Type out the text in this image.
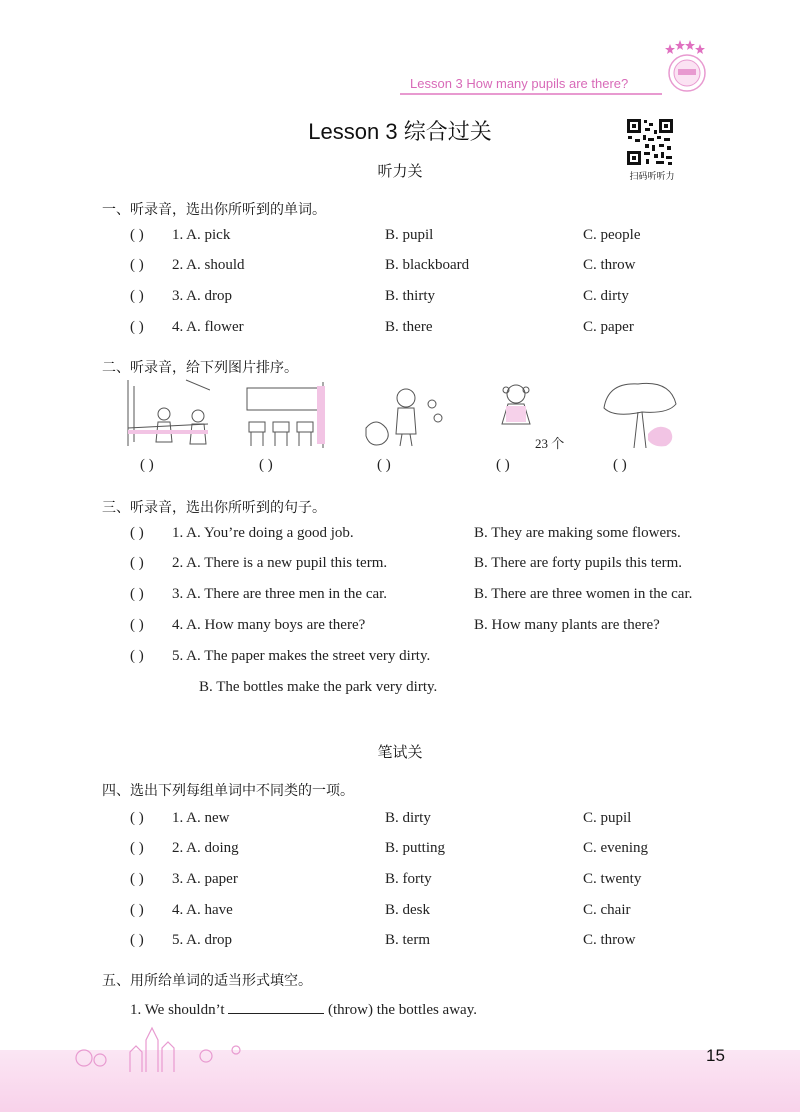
Lesson 3 How many pupils are there?
Lesson 3 综合过关
听力关	扫码听听力
一、听录音，选出你所听到的单词。
( ) 1. A. pick	B. pupil	C. people
( ) 2. A. should	B. blackboard	C. throw
( ) 3. A. drop	B. thirty	C. dirty
( ) 4. A. flower	B. there	C. paper
二、听录音，给下列图片排序。
23 个
( )	( )	( )	( )	( )
三、听录音，选出你所听到的句子。
( ) 1. A. You’re doing a good job.	B. They are making some flowers.
( ) 2. A. There is a new pupil this term.	B. There are forty pupils this term.
( ) 3. A. There are three men in the car.	B. There are three women in the car.
( ) 4. A. How many boys are there?	B. How many plants are there?
( ) 5. A. The paper makes the street very dirty.
B. The bottles make the park very dirty.
笔试关
四、选出下列每组单词中不同类的一项。
( ) 1. A. new	B. dirty	C. pupil
( ) 2. A. doing	B. putting	C. evening
( ) 3. A. paper	B. forty	C. twenty
( ) 4. A. have	B. desk	C. chair
( ) 5. A. drop	B. term	C. throw
五、用所给单词的适当形式填空。
1. We shouldn’t	(throw) the bottles away.
15
